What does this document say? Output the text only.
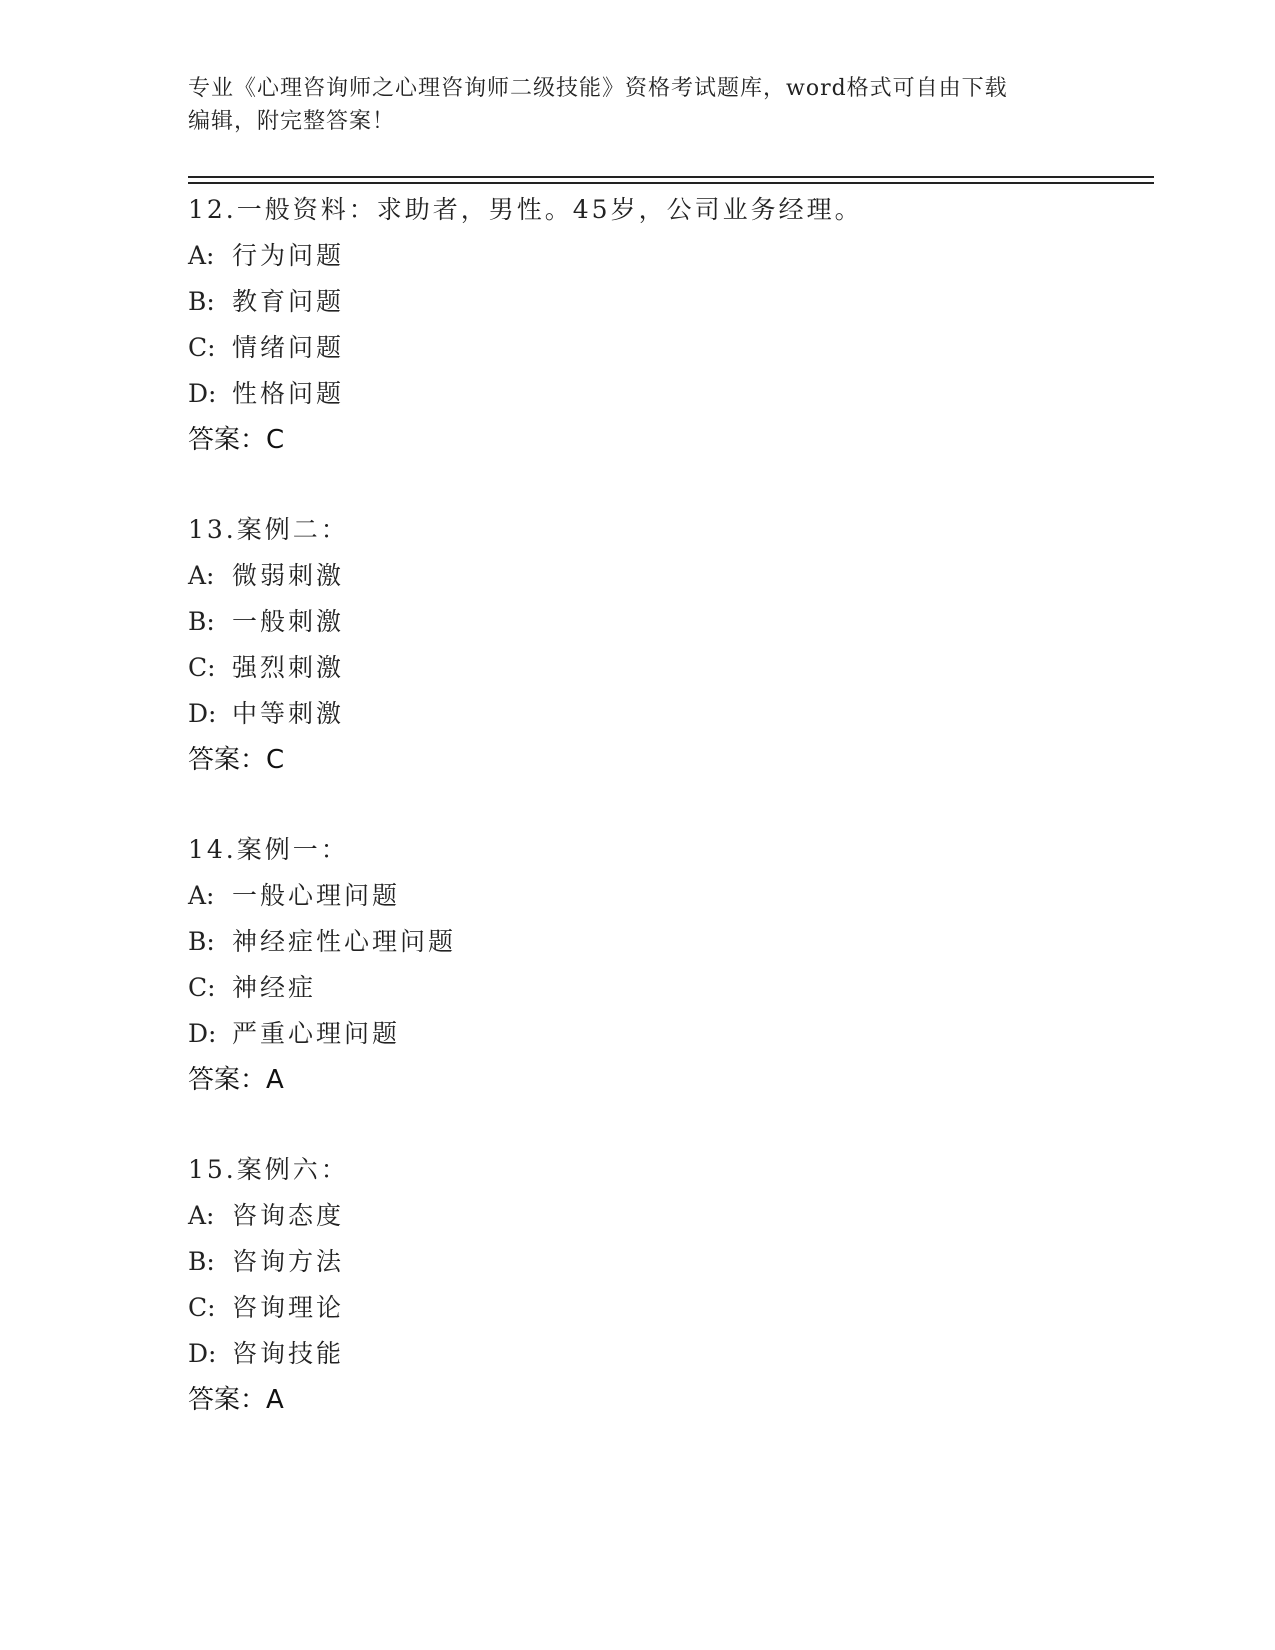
专业《心理咨询师之心理咨询师二级技能》资格考试题库，word格式可自由下载
编辑，附完整答案！
12.一般资料：求助者，男性。45岁，公司业务经理。
A: 行为问题
B: 教育问题
C: 情绪问题
D: 性格问题
答案：C
13.案例二：
A: 微弱刺激
B: 一般刺激
C: 强烈刺激
D: 中等刺激
答案：C
14.案例一：
A: 一般心理问题
B: 神经症性心理问题
C: 神经症
D: 严重心理问题
答案：A
15.案例六：
A: 咨询态度
B: 咨询方法
C: 咨询理论
D: 咨询技能
答案：A
